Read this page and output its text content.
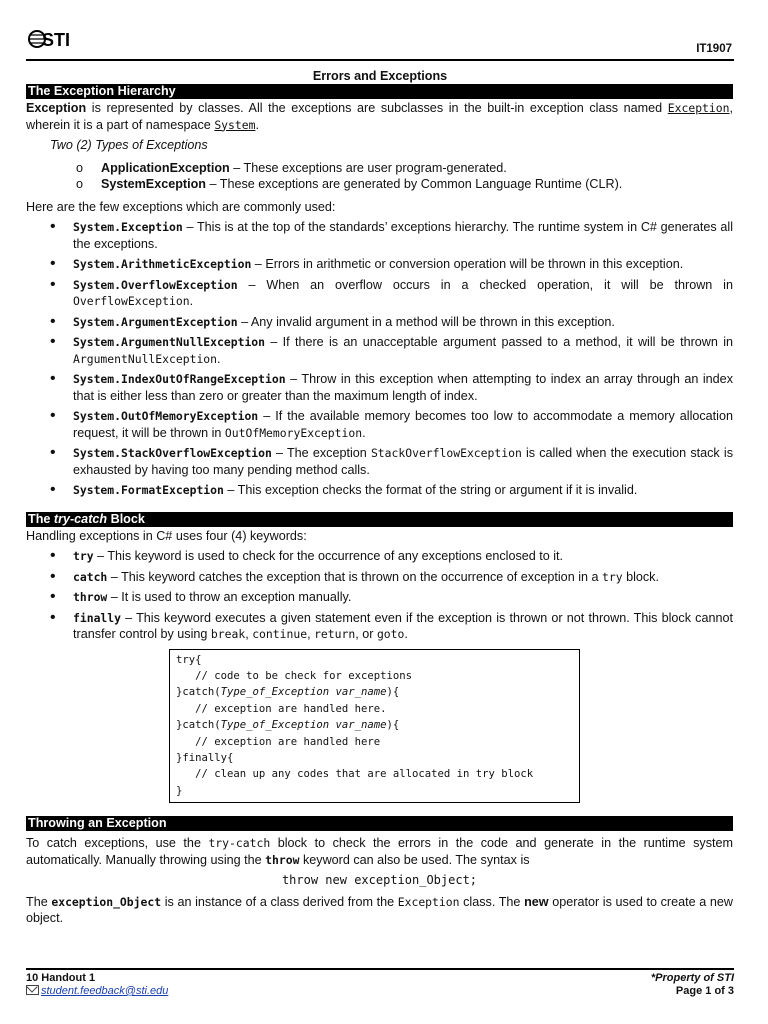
STI	IT1907
Errors and Exceptions
The Exception Hierarchy

Exception is represented by classes. All the exceptions are subclasses in the built-in exception class named Exception, wherein it is a part of namespace System.

Two (2) Types of Exceptions
o ApplicationException – These exceptions are user program-generated.
o SystemException – These exceptions are generated by Common Language Runtime (CLR).

Here are the few exceptions which are commonly used:

• System.Exception – This is at the top of the standards’ exceptions hierarchy. The runtime system in C# generates all the exceptions.
• System.ArithmeticException – Errors in arithmetic or conversion operation will be thrown in this exception.
• System.OverflowException – When an overflow occurs in a checked operation, it will be thrown in OverflowException.
• System.ArgumentException – Any invalid argument in a method will be thrown in this exception.
• System.ArgumentNullException – If there is an unacceptable argument passed to a method, it will be thrown in ArgumentNullException.
• System.IndexOutOfRangeException – Throw in this exception when attempting to index an array through an index that is either less than zero or greater than the maximum length of index.
• System.OutOfMemoryException – If the available memory becomes too low to accommodate a memory allocation request, it will be thrown in OutOfMemoryException.
• System.StackOverflowException – The exception StackOverflowException is called when the execution stack is exhausted by having too many pending method calls.
• System.FormatException – This exception checks the format of the string or argument if it is invalid.
The try-catch Block

Handling exceptions in C# uses four (4) keywords:

• try – This keyword is used to check for the occurrence of any exceptions enclosed to it.
• catch – This keyword catches the exception that is thrown on the occurrence of exception in a try block.
• throw – It is used to throw an exception manually.
• finally – This keyword executes a given statement even if the exception is thrown or not thrown. This block cannot transfer control by using break, continue, return, or goto.
try{
// code to be check for exceptions
}catch(Type_of_Exception var_name){
// exception are handled here.
}catch(Type_of_Exception var_name){
// exception are handled here
}finally{
// clean up any codes that are allocated in try block
}
Throwing an Exception

To catch exceptions, use the try-catch block to check the errors in the code and generate in the runtime system automatically. Manually throwing using the throw keyword can also be used. The syntax is

throw new exception_Object;

The exception_Object is an instance of a class derived from the Exception class. The new operator is used to create a new object.

10 Handout 1
student.feedback@sti.edu
*Property of STI
Page 1 of 3
